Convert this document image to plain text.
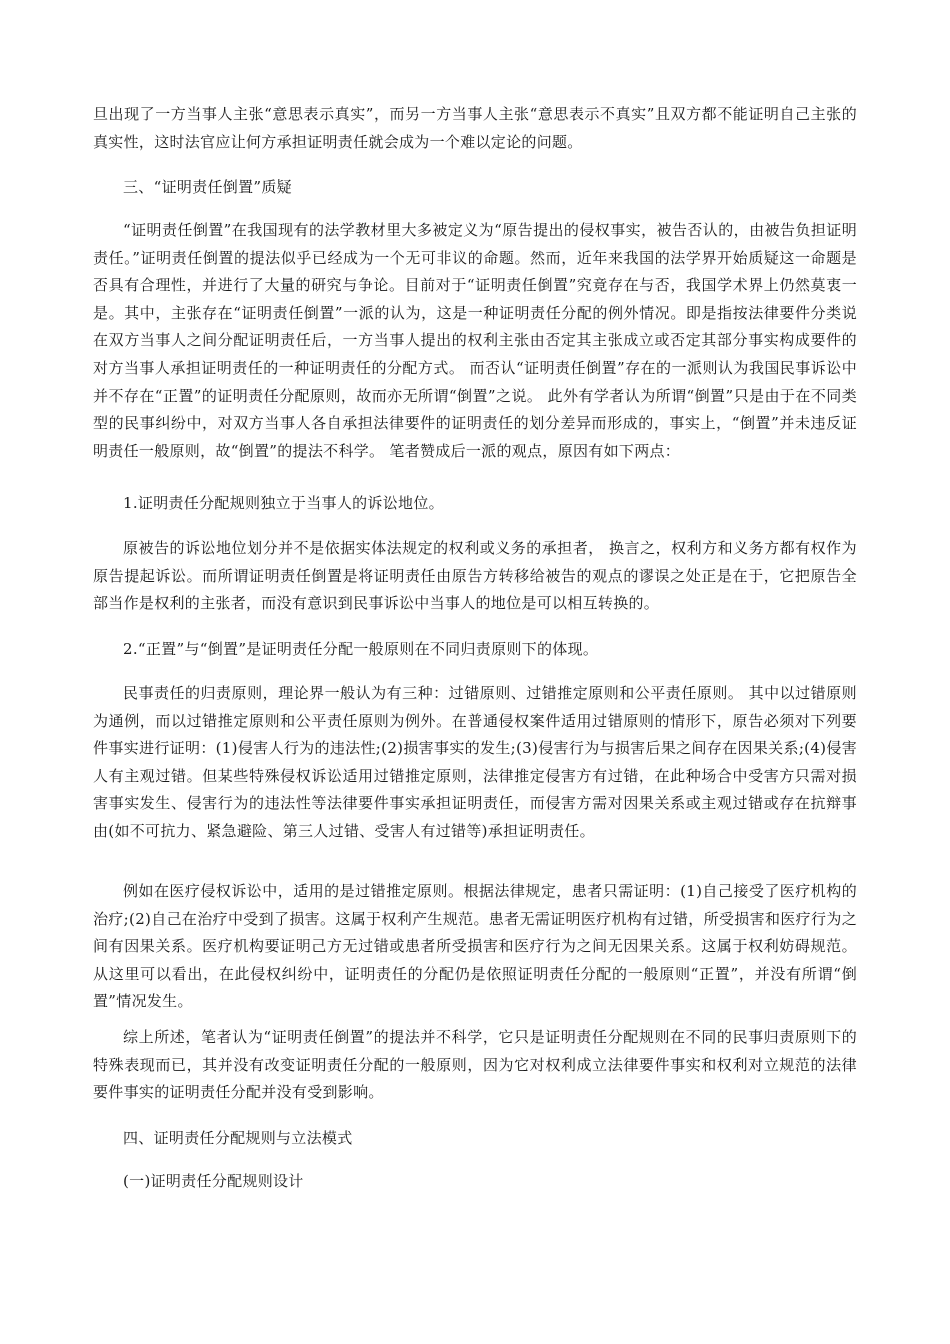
旦出现了一方当事人主张“意思表示真实”，而另一方当事人主张“意思表示不真实”且双方都不能证明自己主张的真实性，这时法官应让何方承担证明责任就会成为一个难以定论的问题。

三、“证明责任倒置”质疑

“证明责任倒置”在我国现有的法学教材里大多被定义为“原告提出的侵权事实，被告否认的，由被告负担证明责任。”证明责任倒置的提法似乎已经成为一个无可非议的命题。然而，近年来我国的法学界开始质疑这一命题是否具有合理性，并进行了大量的研究与争论。目前对于“证明责任倒置”究竟存在与否，我国学术界上仍然莫衷一是。其中，主张存在“证明责任倒置”一派的认为，这是一种证明责任分配的例外情况。即是指按法律要件分类说在双方当事人之间分配证明责任后，一方当事人提出的权利主张由否定其主张成立或否定其部分事实构成要件的对方当事人承担证明责任的一种证明责任的分配方式。 而否认“证明责任倒置”存在的一派则认为我国民事诉讼中并不存在“正置”的证明责任分配原则，故而亦无所谓“倒置”之说。 此外有学者认为所谓“倒置”只是由于在不同类型的民事纠纷中，对双方当事人各自承担法律要件的证明责任的划分差异而形成的，事实上，“倒置”并未违反证明责任一般原则，故“倒置”的提法不科学。 笔者赞成后一派的观点，原因有如下两点：

1.证明责任分配规则独立于当事人的诉讼地位。

原被告的诉讼地位划分并不是依据实体法规定的权利或义务的承担者， 换言之，权利方和义务方都有权作为原告提起诉讼。而所谓证明责任倒置是将证明责任由原告方转移给被告的观点的谬误之处正是在于，它把原告全部当作是权利的主张者，而没有意识到民事诉讼中当事人的地位是可以相互转换的。

2.“正置”与“倒置”是证明责任分配一般原则在不同归责原则下的体现。

民事责任的归责原则，理论界一般认为有三种：过错原则、过错推定原则和公平责任原则。 其中以过错原则为通例，而以过错推定原则和公平责任原则为例外。在普通侵权案件适用过错原则的情形下，原告必须对下列要件事实进行证明：(1)侵害人行为的违法性;(2)损害事实的发生;(3)侵害行为与损害后果之间存在因果关系;(4)侵害人有主观过错。但某些特殊侵权诉讼适用过错推定原则，法律推定侵害方有过错，在此种场合中受害方只需对损害事实发生、侵害行为的违法性等法律要件事实承担证明责任，而侵害方需对因果关系或主观过错或存在抗辩事由(如不可抗力、紧急避险、第三人过错、受害人有过错等)承担证明责任。

例如在医疗侵权诉讼中，适用的是过错推定原则。根据法律规定，患者只需证明：(1)自己接受了医疗机构的治疗;(2)自己在治疗中受到了损害。这属于权利产生规范。患者无需证明医疗机构有过错，所受损害和医疗行为之间有因果关系。医疗机构要证明己方无过错或患者所受损害和医疗行为之间无因果关系。这属于权利妨碍规范。从这里可以看出，在此侵权纠纷中，证明责任的分配仍是依照证明责任分配的一般原则“正置”，并没有所谓“倒置”情况发生。

综上所述，笔者认为“证明责任倒置”的提法并不科学，它只是证明责任分配规则在不同的民事归责原则下的特殊表现而已，其并没有改变证明责任分配的一般原则，因为它对权利成立法律要件事实和权利对立规范的法律要件事实的证明责任分配并没有受到影响。

四、证明责任分配规则与立法模式

(一)证明责任分配规则设计
